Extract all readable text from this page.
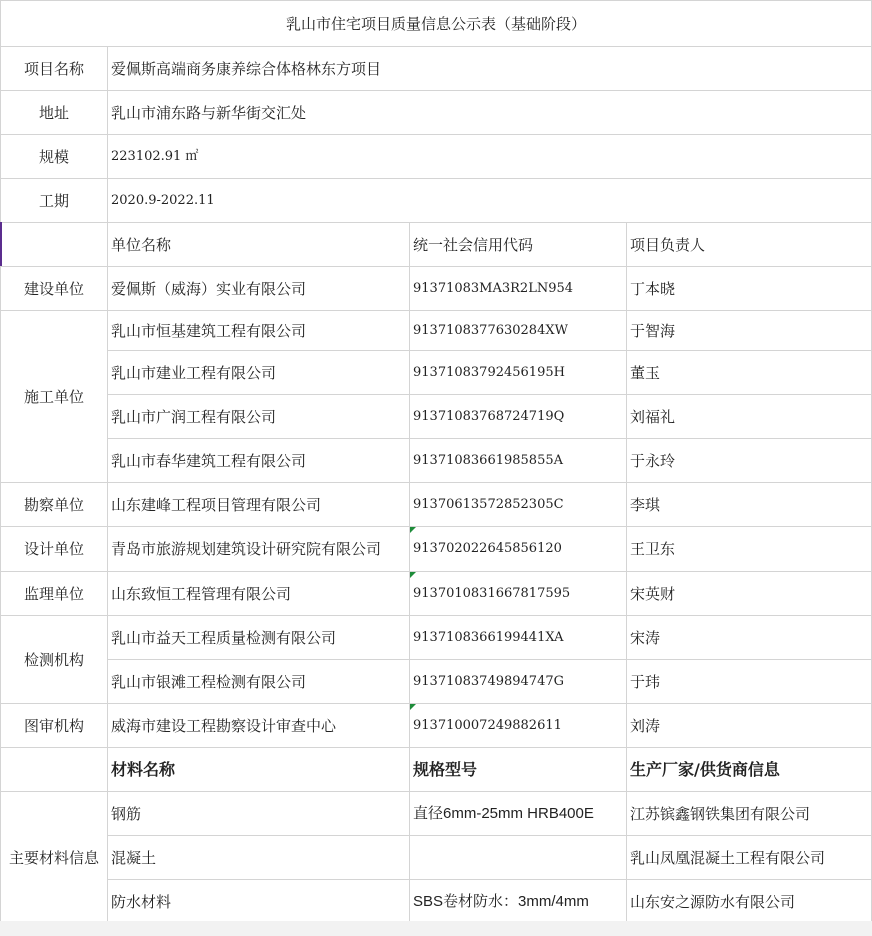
乳山市住宅项目质量信息公示表（基础阶段）			
项目名称	爱佩斯高端商务康养综合体格林东方项目		
地址	乳山市浦东路与新华街交汇处		
规模	223102.91 ㎡		
工期	2020.9-2022.11		
	单位名称	统一社会信用代码	项目负责人
建设单位	爱佩斯（威海）实业有限公司	91371083MA3R2LN954	丁本晓
施工单位	乳山市恒基建筑工程有限公司	9137108377630284XW	于智海
	乳山市建业工程有限公司	91371083792456195H	董玉
	乳山市广润工程有限公司	91371083768724719Q	刘福礼
	乳山市春华建筑工程有限公司	91371083661985855A	于永玲
勘察单位	山东建峰工程项目管理有限公司	91370613572852305C	李琪
设计单位	青岛市旅游规划建筑设计研究院有限公司	913702022645856120	王卫东
监理单位	山东致恒工程管理有限公司	9137010831667817595	宋英财
检测机构	乳山市益天工程质量检测有限公司	9137108366199441XA	宋涛
	乳山市银滩工程检测有限公司	91371083749894747G	于玮
图审机构	威海市建设工程勘察设计审查中心	913710007249882611	刘涛
	材料名称	规格型号	生产厂家/供货商信息
主要材料信息	钢筋	直径6mm-25mm HRB400E	江苏镔鑫钢铁集团有限公司
	混凝土		乳山凤凰混凝土工程有限公司
	防水材料	SBS卷材防水：3mm/4mm	山东安之源防水有限公司
